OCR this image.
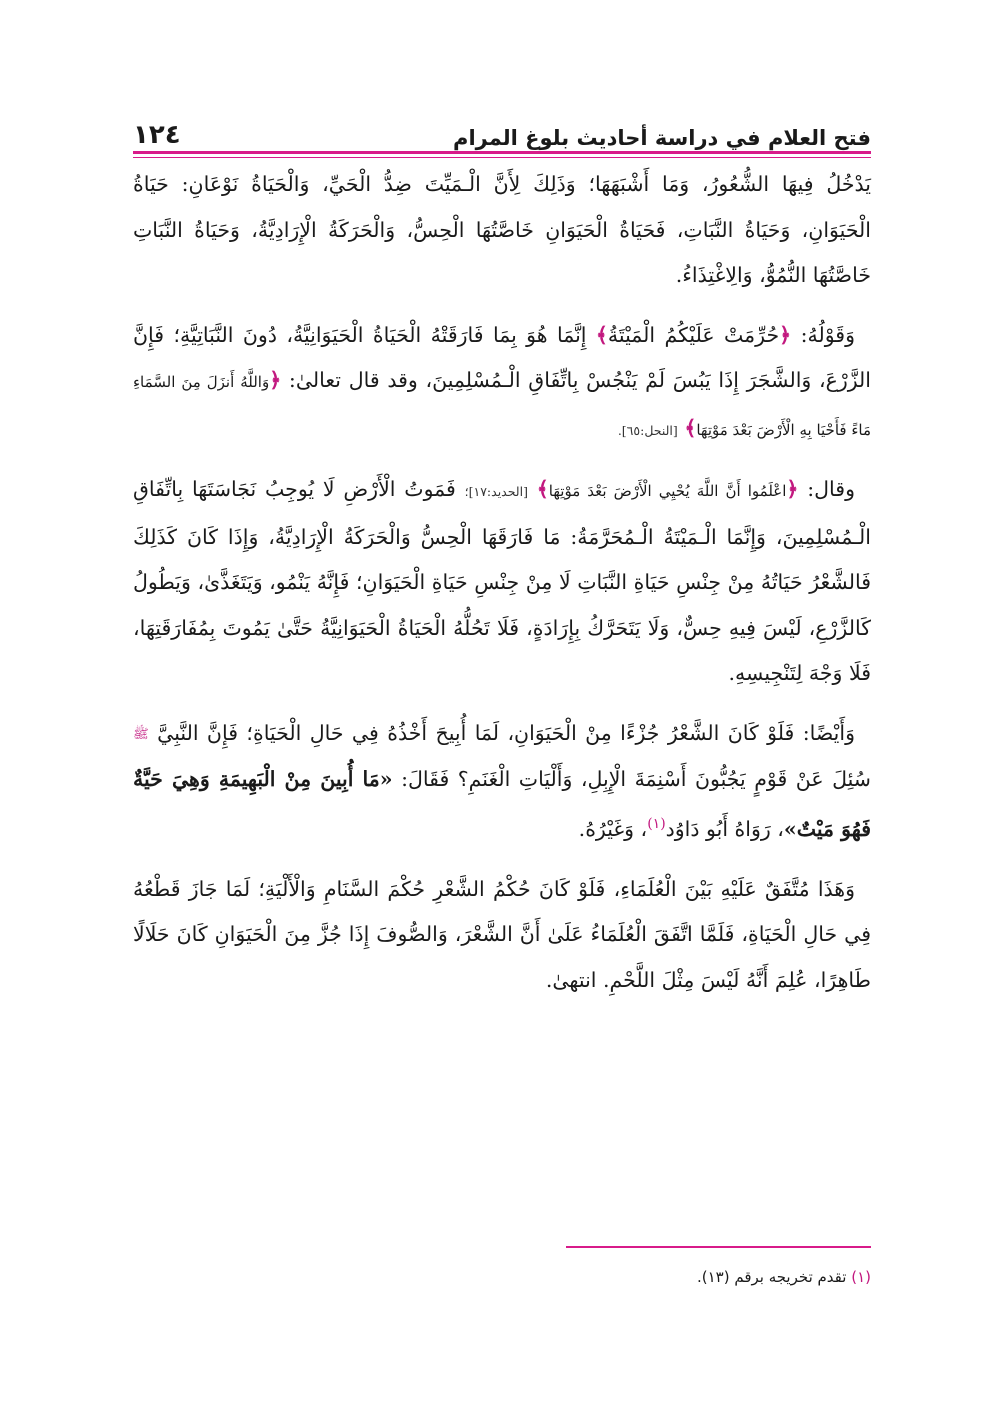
١٢٤	فتح العلام في دراسة أحاديث بلوغ المرام

يَدْخُلُ فِيهَا الشُّعُورُ، وَمَا أَشْبَهَهَا؛ وَذَلِكَ لِأَنَّ الْـمَيِّتَ ضِدُّ الْحَيِّ، وَالْحَيَاةُ نَوْعَانِ: حَيَاةُ الْحَيَوَانِ، وَحَيَاةُ النَّبَاتِ، فَحَيَاةُ الْحَيَوَانِ خَاصَّتُهَا الْحِسُّ، وَالْحَرَكَةُ الْإِرَادِيَّةُ، وَحَيَاةُ النَّبَاتِ خَاصَّتُهَا النُّمُوُّ، وَالِاغْتِذَاءُ.

وَقَوْلُهُ: ﴿حُرِّمَتْ عَلَيْكُمُ الْمَيْتَةُ﴾ إِنَّمَا هُوَ بِمَا فَارَقَتْهُ الْحَيَاةُ الْحَيَوَانِيَّةُ، دُونَ النَّبَاتِيَّةِ؛ فَإِنَّ الزَّرْعَ، وَالشَّجَرَ إِذَا يَبُسَ لَمْ يَنْجُسْ بِاتِّفَاقِ الْـمُسْلِمِينَ، وقد قال تعالىٰ: ﴿وَاللَّهُ أَنزَلَ مِنَ السَّمَاءِ مَاءً فَأَحْيَا بِهِ الْأَرْضَ بَعْدَ مَوْتِهَا﴾ [النحل:٦٥].

وقال: ﴿اعْلَمُوا أَنَّ اللَّهَ يُحْيِي الْأَرْضَ بَعْدَ مَوْتِهَا﴾ [الحديد:١٧]؛ فَمَوتُ الْأَرْضِ لَا يُوجِبُ نَجَاسَتَهَا بِاتِّفَاقِ الْـمُسْلِمِينَ، وَإِنَّمَا الْـمَيْتَةُ الْـمُحَرَّمَةُ: مَا فَارَقَهَا الْحِسُّ وَالْحَرَكَةُ الْإِرَادِيَّةُ، وَإِذَا كَانَ كَذَلِكَ فَالشَّعْرُ حَيَاتُهُ مِنْ جِنْسِ حَيَاةِ النَّبَاتِ لَا مِنْ جِنْسِ حَيَاةِ الْحَيَوَانِ؛ فَإِنَّهُ يَنْمُو، وَيَتَغَذَّىٰ، وَيَطُولُ كَالزَّرْعِ، لَيْسَ فِيهِ حِسٌّ، وَلَا يَتَحَرَّكُ بِإِرَادَةٍ، فَلَا تَحُلُّهُ الْحَيَاةُ الْحَيَوَانِيَّةُ حَتَّىٰ يَمُوتَ بِمُفَارَقَتِهَا، فَلَا وَجْهَ لِتَنْجِيسِهِ.

وَأَيْضًا: فَلَوْ كَانَ الشَّعْرُ جُزْءًا مِنْ الْحَيَوَانِ، لَمَا أُبِيحَ أَخْذُهُ فِي حَالِ الْحَيَاةِ؛ فَإِنَّ النَّبِيَّ ﷺ سُئِلَ عَنْ قَوْمٍ يَجُبُّونَ أَسْنِمَةَ الْإِبِلِ، وَأَلْيَاتِ الْغَنَمِ؟ فَقَالَ: «مَا أُبِينَ مِنْ الْبَهِيمَةِ وَهِيَ حَيَّةٌ فَهُوَ مَيْتٌ»، رَوَاهُ أَبُو دَاوُد$^{(١)}$، وَغَيْرُهُ.

وَهَذَا مُتَّفَقٌ عَلَيْهِ بَيْنَ الْعُلَمَاءِ، فَلَوْ كَانَ حُكْمُ الشَّعْرِ حُكْمَ السَّنَامِ وَالْأَلْيَةِ؛ لَمَا جَازَ قَطْعُهُ فِي حَالِ الْحَيَاةِ، فَلَمَّا اتَّفَقَ الْعُلَمَاءُ عَلَىٰ أَنَّ الشَّعْرَ، وَالصُّوفَ إِذَا جُزَّ مِنَ الْحَيَوَانِ كَانَ حَلَالًا طَاهِرًا، عُلِمَ أَنَّهُ لَيْسَ مِثْلَ اللَّحْمِ. انتهىٰ.

(١) تقدم تخريجه برقم (١٣).
